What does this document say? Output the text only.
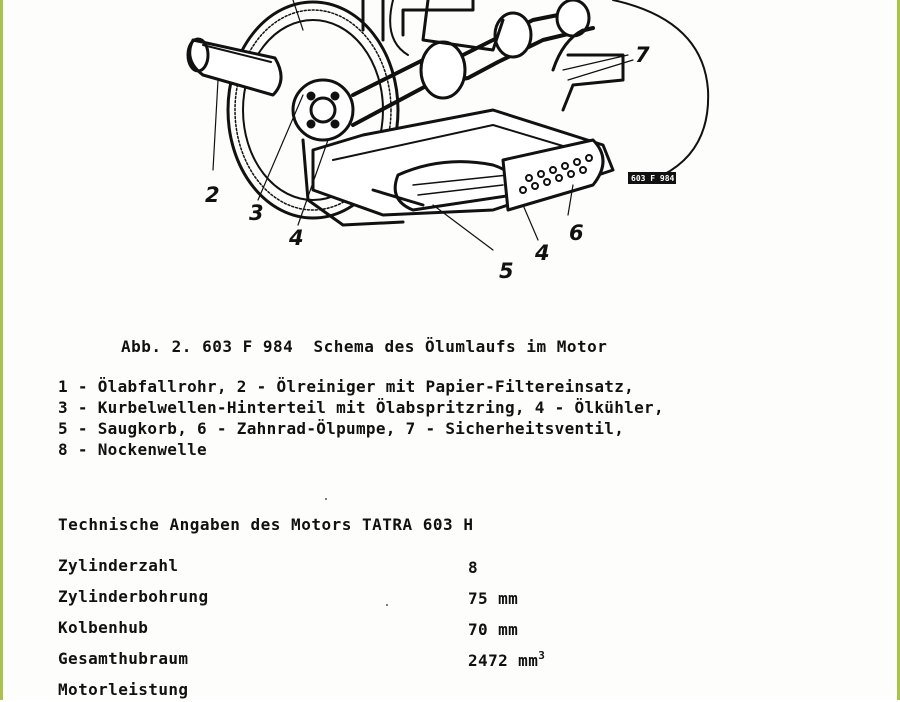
603 F 984
2
3
4
5
4
6
7
Abb. 2. 603 F 984  Schema des Ölumlaufs im Motor
1 - Ölabfallrohr, 2 - Ölreiniger mit Papier-Filtereinsatz,
3 - Kurbelwellen-Hinterteil mit Ölabspritzring, 4 - Ölkühler,
5 - Saugkorb, 6 - Zahnrad-Ölpumpe, 7 - Sicherheitsventil,
8 - Nockenwelle
Technische Angaben des Motors TATRA 603 H
Zylinderzahl	8
Zylinderbohrung	75 mm
Kolbenhub	70 mm
Gesamthubraum	2472 $mm^3$
Motorleistung
